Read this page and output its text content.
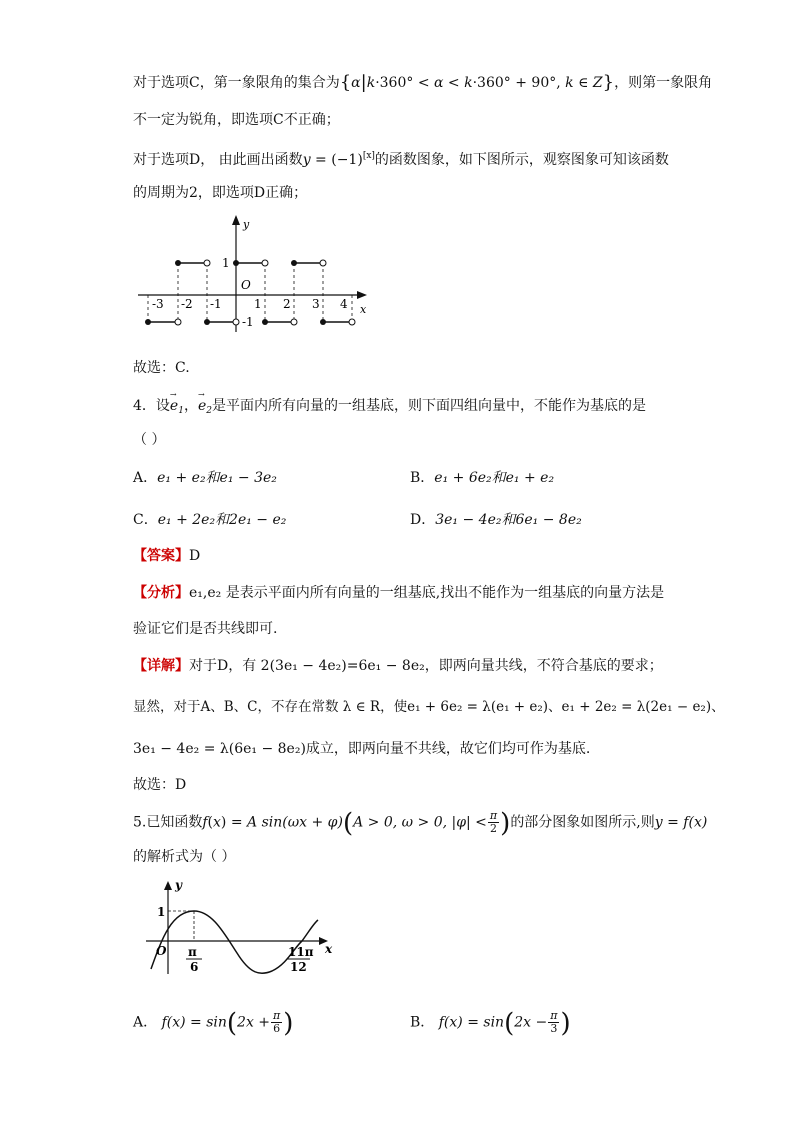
对于选项C，第一象限角的集合为{α|k·360° < α < k·360° + 90°, k ∈ Z}，则第一象限角
不一定为锐角，即选项C不正确；
对于选项D， 由此画出函数y = (−1)[x]的函数图象，如下图所示，观察图象可知该函数
的周期为2，即选项D正确；
y
x
O
1
-1
-3 -2 -1	1 2 3 4
故选：C.
4．设→ $e_1$，→ $e_2$是平面内所有向量的一组基底，则下面四组向量中，不能作为基底的是
（ ）
A．e₁ + e₂和e₁ − 3e₂	B．e₁ + 6e₂和e₁ + e₂
C．e₁ + 2e₂和2e₁ − e₂	D．3e₁ − 4e₂和6e₁ − 8e₂
【答案】D
【分析】e₁,e₂ 是表示平面内所有向量的一组基底,找出不能作为一组基底的向量方法是
验证它们是否共线即可.
【详解】对于D，有 2(3e₁ − 4e₂)=6e₁ − 8e₂，即两向量共线，不符合基底的要求；
显然，对于A、B、C，不存在常数 λ ∈ R，使e₁ + 6e₂ = λ(e₁ + e₂)、e₁ + 2e₂ = λ(2e₁ − e₂)、
3e₁ − 4e₂ = λ(6e₁ − 8e₂)成立，即两向量不共线，故它们均可作为基底.
故选：D
5.已知函数f(x) = A sin(ωx + φ)(A > 0, ω > 0, $|\varphi| < \frac{\pi}{2}$ )的部分图象如图所示,则y = f(x)
的解析式为（ ）
y
x
O
1
π
6
11π
12
A． $f(x) = \sin(2x + \frac{\pi}{6}$ )	B． $f(x) = \sin(2x - \frac{\pi}{3}$ )
